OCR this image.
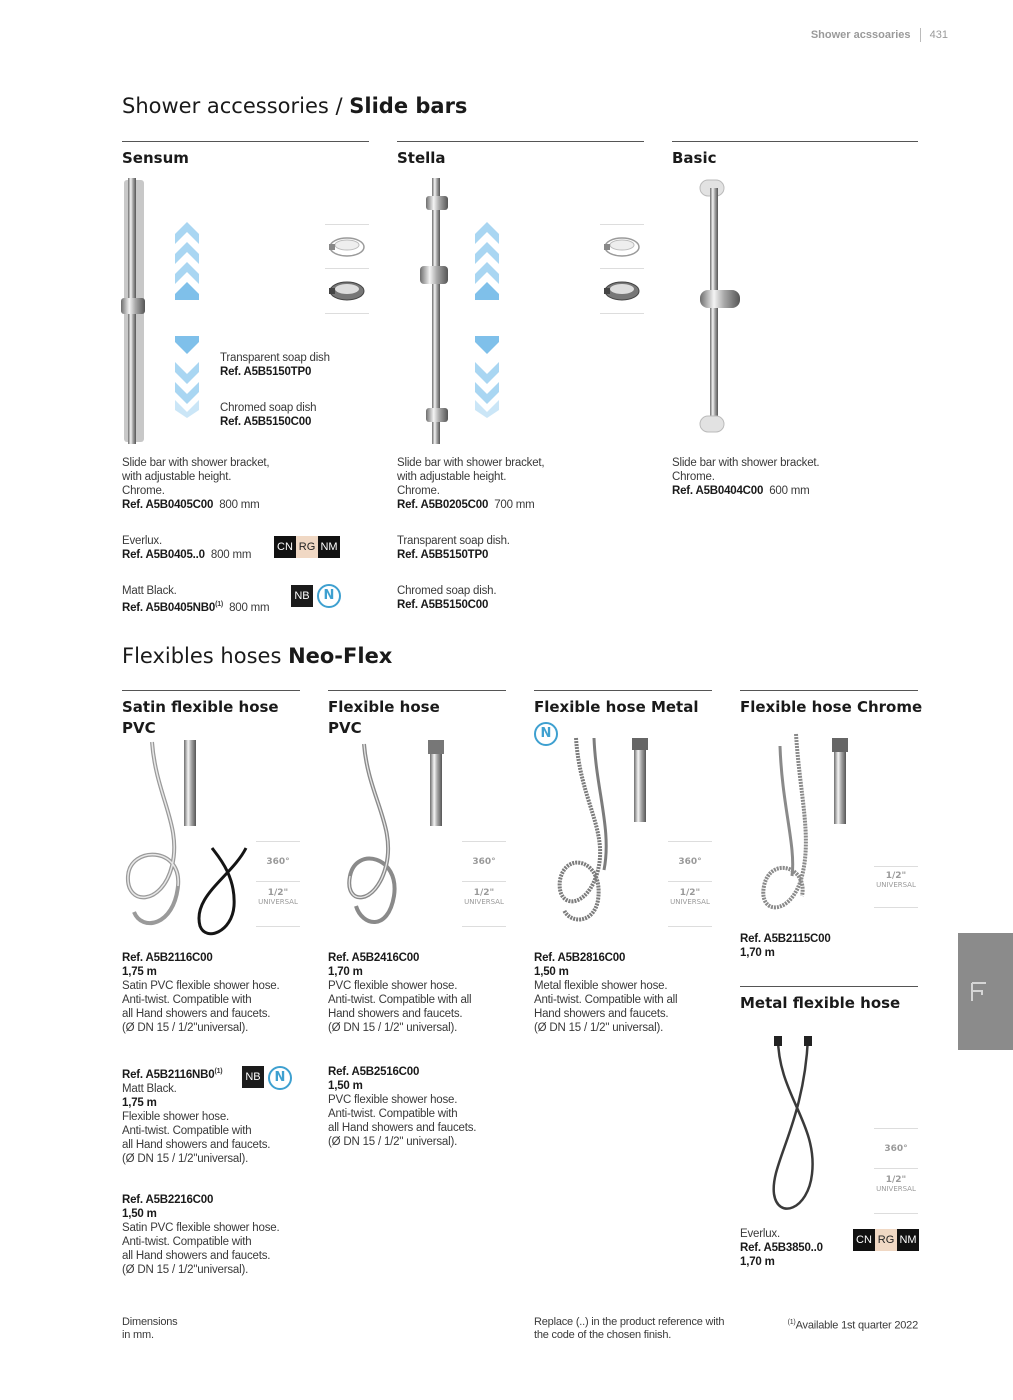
Shower acssoaries 431
Shower accessories / Slide bars
Sensum	Stella	Basic
Transparent soap dish
Ref. A5B5150TP0
Chromed soap dish
Ref. A5B5150C00
Slide bar with shower bracket,
with adjustable height.
Chrome.
Ref. A5B0405C00 800 mm
Everlux.
Ref. A5B0405..0 800 mm
CN RG NM
Matt Black.
Ref. A5B0405NB0$^{(1)}$ 800 mm
NB	N
Slide bar with shower bracket,
with adjustable height.
Chrome.
Ref. A5B0205C00 700 mm
Transparent soap dish.
Ref. A5B5150TP0
Chromed soap dish.
Ref. A5B5150C00
Slide bar with shower bracket.
Chrome.
Ref. A5B0404C00 600 mm
Flexibles hoses Neo-Flex
Satin flexible hose
PVC
Flexible hose
PVC
Flexible hose Metal	Flexible hose Chrome
N
360°
1/2"
UNIVERSAL
360°
1/2"
UNIVERSAL
360°
1/2"
UNIVERSAL
1/2"
UNIVERSAL
Ref. A5B2116C00
1,75 m
Satin PVC flexible shower hose.
Anti-twist. Compatible with
all Hand showers and faucets.
(Ø DN 15 / 1/2"universal).
Ref. A5B2116NB0$^{(1)}$
Matt Black.
1,75 m
Flexible shower hose.
Anti-twist. Compatible with
all Hand showers and faucets.
(Ø DN 15 / 1/2"universal).
NB	N
Ref. A5B2216C00
1,50 m
Satin PVC flexible shower hose.
Anti-twist. Compatible with
all Hand showers and faucets.
(Ø DN 15 / 1/2"universal).
Ref. A5B2416C00
1,70 m
PVC flexible shower hose.
Anti-twist. Compatible with all
Hand showers and faucets.
(Ø DN 15 / 1/2" universal).
Ref. A5B2516C00
1,50 m
PVC flexible shower hose.
Anti-twist. Compatible with
all Hand showers and faucets.
(Ø DN 15 / 1/2" universal).
Ref. A5B2816C00
1,50 m
Metal flexible shower hose.
Anti-twist. Compatible with all
Hand showers and faucets.
(Ø DN 15 / 1/2" universal).
Ref. A5B2115C00
1,70 m
Metal flexible hose
360°
1/2"
UNIVERSAL
Everlux.
Ref. A5B3850..0
1,70 m
CN RG NM
Dimensions
in mm.
Replace (..) in the product reference with
the code of the chosen finish.
$^{(1)}$Available 1st quarter 2022
